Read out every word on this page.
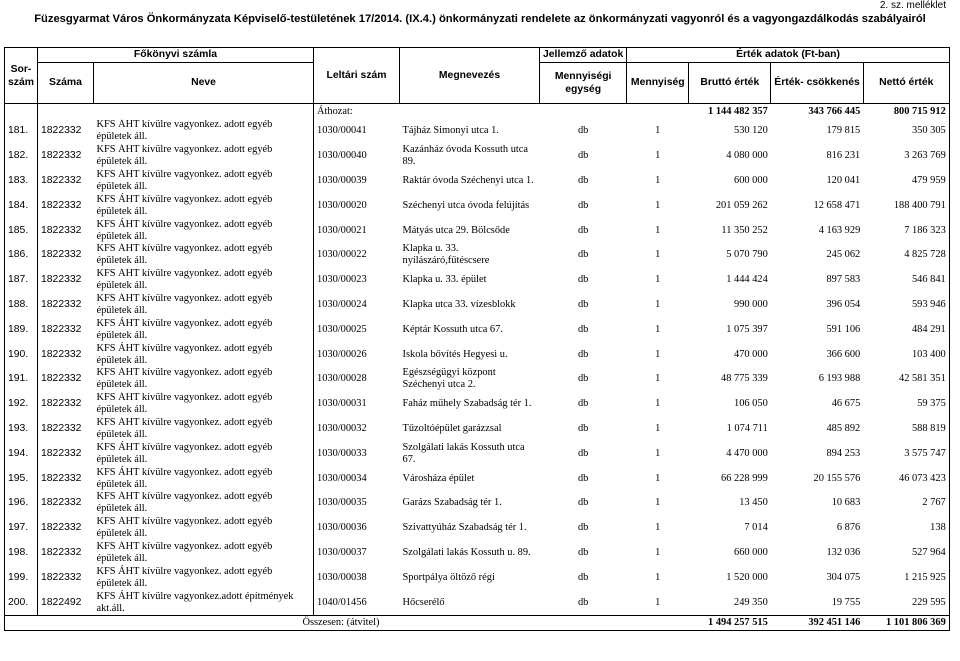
2. sz. melléklet
Füzesgyarmat Város Önkormányzata Képviselő-testületének 17/2014. (IX.4.) önkormányzati rendelete az önkormányzati vagyonról és a vagyongazdálkodás szabályairól
Sor-szám	Főkönyvi számla		Leltári szám	Megnevezés	Jellemző adatok	Érték adatok (Ft-ban)			
	Száma	Neve			Mennyiségi egység	Mennyiség	Bruttó érték	Érték- csökkenés	Nettó érték
			Áthozat:				1 144 482 357	343 766 445	800 715 912
181.	1822332	KFS ÁHT kívülre vagyonkez. adott egyéb épületek áll.	1030/00041	Tájház Simonyi utca 1.	db	1	530 120	179 815	350 305
182.	1822332	KFS ÁHT kívülre vagyonkez. adott egyéb épületek áll.	1030/00040	Kazánház óvoda Kossuth utca 89.	db	1	4 080 000	816 231	3 263 769
183.	1822332	KFS ÁHT kívülre vagyonkez. adott egyéb épületek áll.	1030/00039	Raktár óvoda Széchenyi utca 1.	db	1	600 000	120 041	479 959
184.	1822332	KFS ÁHT kívülre vagyonkez. adott egyéb épületek áll.	1030/00020	Széchenyi utca óvoda felújítás	db	1	201 059 262	12 658 471	188 400 791
185.	1822332	KFS ÁHT kívülre vagyonkez. adott egyéb épületek áll.	1030/00021	Mátyás utca 29. Bölcsőde	db	1	11 350 252	4 163 929	7 186 323
186.	1822332	KFS ÁHT kívülre vagyonkez. adott egyéb épületek áll.	1030/00022	Klapka u. 33. nyílászáró,fűtéscsere	db	1	5 070 790	245 062	4 825 728
187.	1822332	KFS ÁHT kívülre vagyonkez. adott egyéb épületek áll.	1030/00023	Klapka u. 33. épület	db	1	1 444 424	897 583	546 841
188.	1822332	KFS ÁHT kívülre vagyonkez. adott egyéb épületek áll.	1030/00024	Klapka utca 33. vízesblokk	db	1	990 000	396 054	593 946
189.	1822332	KFS ÁHT kívülre vagyonkez. adott egyéb épületek áll.	1030/00025	Képtár Kossuth utca 67.	db	1	1 075 397	591 106	484 291
190.	1822332	KFS ÁHT kívülre vagyonkez. adott egyéb épületek áll.	1030/00026	Iskola bővítés Hegyesi u.	db	1	470 000	366 600	103 400
191.	1822332	KFS ÁHT kívülre vagyonkez. adott egyéb épületek áll.	1030/00028	Egészségügyi központ Széchenyi utca 2.	db	1	48 775 339	6 193 988	42 581 351
192.	1822332	KFS ÁHT kívülre vagyonkez. adott egyéb épületek áll.	1030/00031	Faház műhely Szabadság tér 1.	db	1	106 050	46 675	59 375
193.	1822332	KFS ÁHT kívülre vagyonkez. adott egyéb épületek áll.	1030/00032	Tűzoltóépület garázzsal	db	1	1 074 711	485 892	588 819
194.	1822332	KFS ÁHT kívülre vagyonkez. adott egyéb épületek áll.	1030/00033	Szolgálati lakás Kossuth utca 67.	db	1	4 470 000	894 253	3 575 747
195.	1822332	KFS ÁHT kívülre vagyonkez. adott egyéb épületek áll.	1030/00034	Városháza épület	db	1	66 228 999	20 155 576	46 073 423
196.	1822332	KFS ÁHT kívülre vagyonkez. adott egyéb épületek áll.	1030/00035	Garázs Szabadság tér 1.	db	1	13 450	10 683	2 767
197.	1822332	KFS ÁHT kívülre vagyonkez. adott egyéb épületek áll.	1030/00036	Szivattyúház Szabadság tér 1.	db	1	7 014	6 876	138
198.	1822332	KFS ÁHT kívülre vagyonkez. adott egyéb épületek áll.	1030/00037	Szolgálati lakás Kossuth u. 89.	db	1	660 000	132 036	527 964
199.	1822332	KFS ÁHT kívülre vagyonkez. adott egyéb épületek áll.	1030/00038	Sportpálya öltöző régi	db	1	1 520 000	304 075	1 215 925
200.	1822492	KFS ÁHT kívülre vagyonkez.adott építmények akt.áll.	1040/01456	Hőcserélő	db	1	249 350	19 755	229 595
Összesen: (átvitel)							1 494 257 515	392 451 146	1 101 806 369
